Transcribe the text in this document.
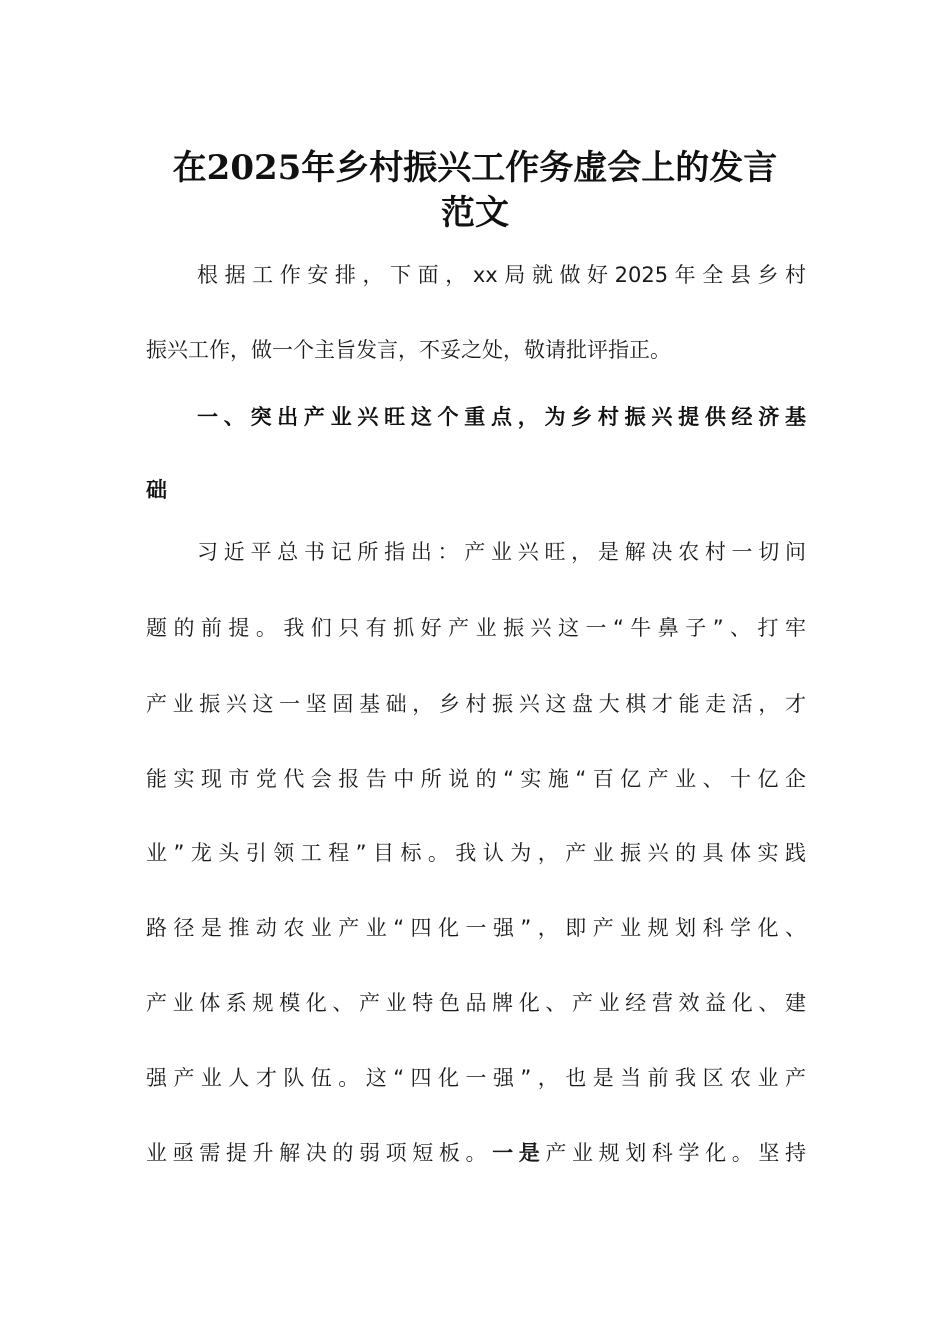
在2025年乡村振兴工作务虚会上的发言
范文

根据工作安排，下面，xx局就做好2025年全县乡村

振兴工作，做一个主旨发言，不妥之处，敬请批评指正。

一、突出产业兴旺这个重点，为乡村振兴提供经济基

础

习近平总书记所指出：产业兴旺，是解决农村一切问

题的前提。我们只有抓好产业振兴这一“牛鼻子”、打牢

产业振兴这一坚固基础，乡村振兴这盘大棋才能走活，才

能实现市党代会报告中所说的“实施“百亿产业、十亿企

业”龙头引领工程”目标。我认为，产业振兴的具体实践

路径是推动农业产业“四化一强”，即产业规划科学化、

产业体系规模化、产业特色品牌化、产业经营效益化、建

强产业人才队伍。这“四化一强”，也是当前我区农业产

业亟需提升解决的弱项短板。一是产业规划科学化。坚持
